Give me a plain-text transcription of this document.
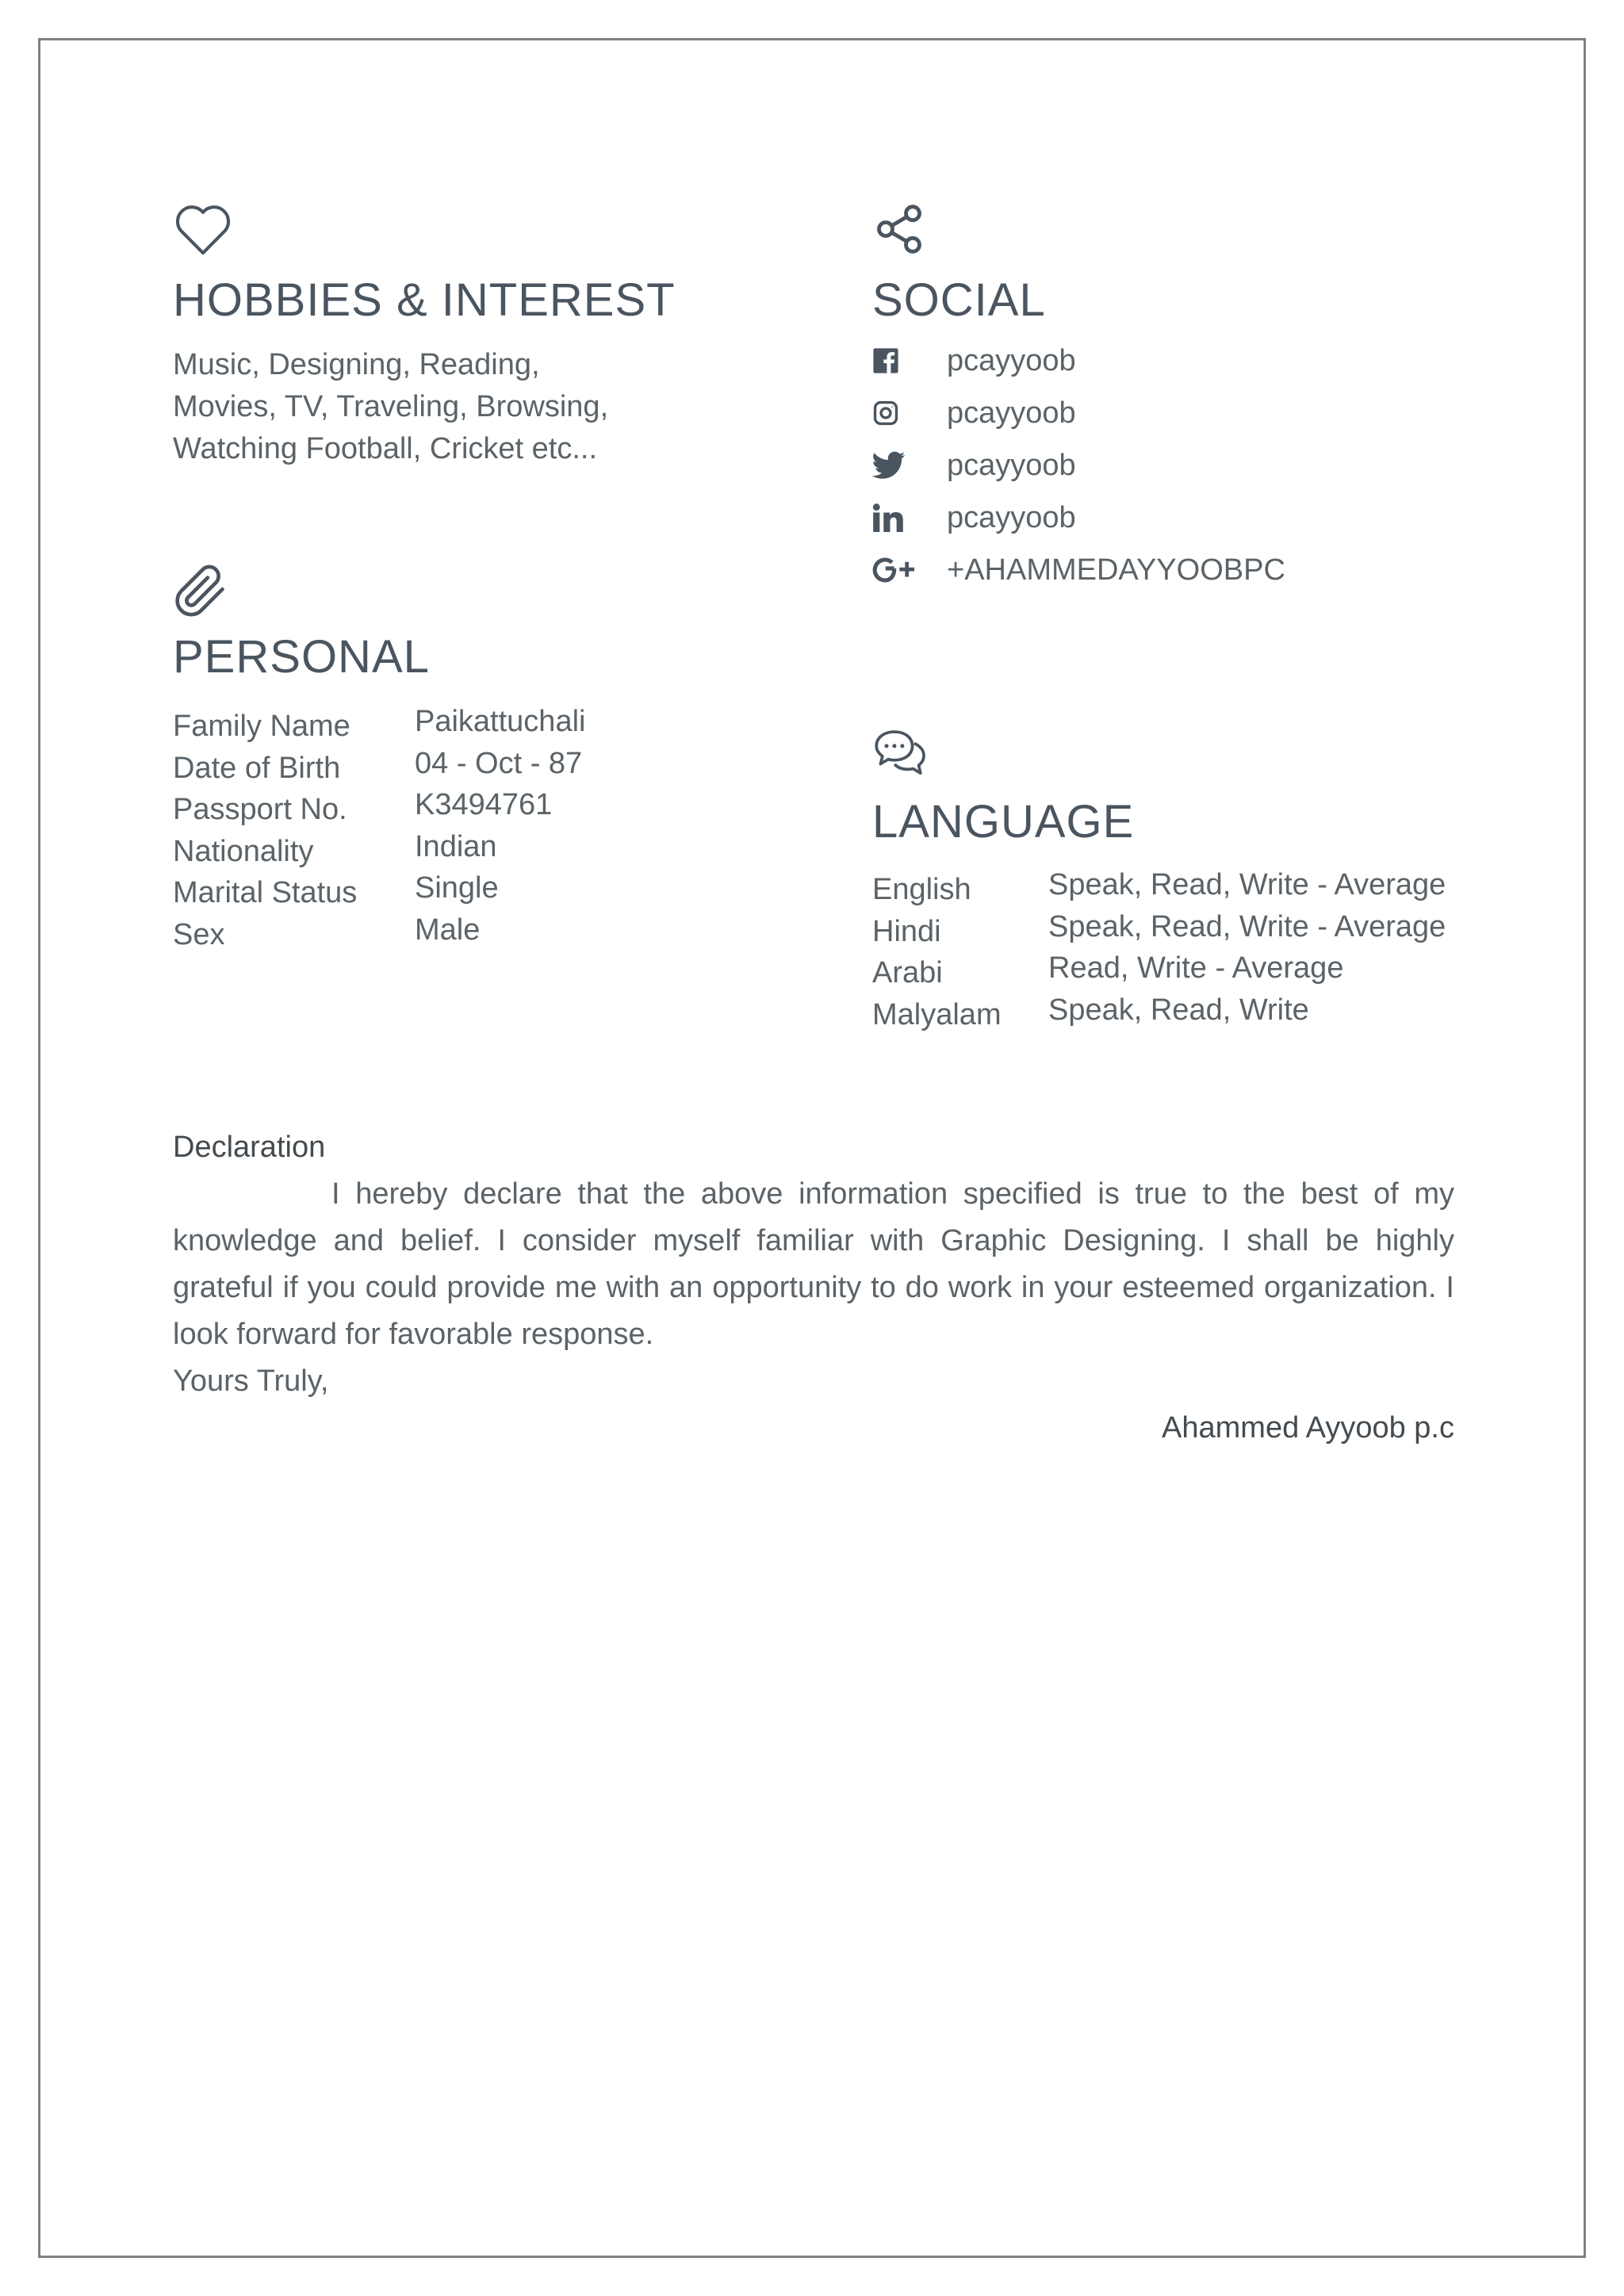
HOBBIES & INTEREST
Music, Designing, Reading,
Movies, TV, Traveling, Browsing,
Watching Football, Cricket etc...
PERSONAL
Family Name
Date of Birth
Passport No.
Nationality
Marital Status
Sex
Paikattuchali
04 - Oct - 87
K3494761
Indian
Single
Male
SOCIAL
pcayyoob
pcayyoob
pcayyoob
pcayyoob
+AHAMMEDAYYOOBPC
LANGUAGE
English
Hindi
Arabi
Malyalam
Speak, Read, Write - Average
Speak, Read, Write - Average
Read, Write - Average
Speak, Read, Write
Declaration
I hereby declare that the above information specified is true to the best of my knowledge and belief. I consider myself familiar with Graphic Designing. I shall be highly grateful if you could provide me with an opportunity to do work in your esteemed organization. I look forward for favorable response.
Yours Truly,
Ahammed Ayyoob p.c
